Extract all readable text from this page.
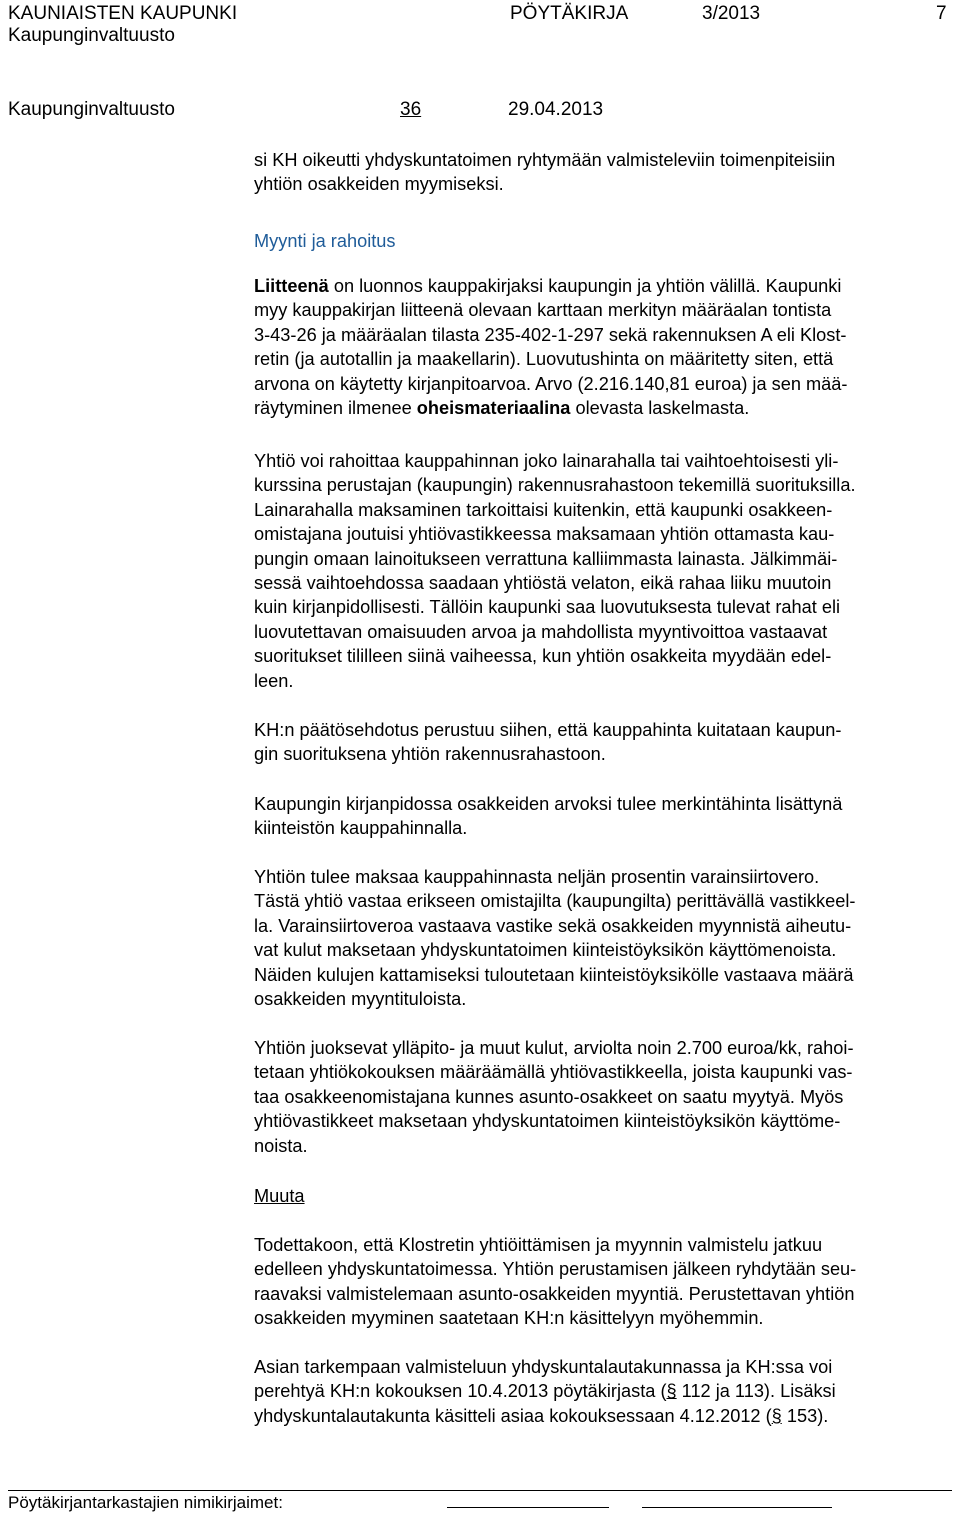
KAUNIAISTEN KAUPUNKI	PÖYTÄKIRJA	3/2013	7
Kaupunginvaltuusto
Kaupunginvaltuusto	36	29.04.2013
si KH oikeutti yhdyskuntatoimen ryhtymään valmisteleviin toimenpiteisiin
yhtiön osakkeiden myymiseksi.
Myynti ja rahoitus
Liitteenä on luonnos kauppakirjaksi kaupungin ja yhtiön välillä. Kaupunki
myy kauppakirjan liitteenä olevaan karttaan merkityn määräalan tontista
3-43-26 ja määräalan tilasta 235-402-1-297 sekä rakennuksen A eli Klost-
retin (ja autotallin ja maakellarin). Luovutushinta on määritetty siten, että
arvona on käytetty kirjanpitoarvoa. Arvo (2.216.140,81 euroa) ja sen mää-
räytyminen ilmenee oheismateriaalina olevasta laskelmasta.
Yhtiö voi rahoittaa kauppahinnan joko lainarahalla tai vaihtoehtoisesti yli-
kurssina perustajan (kaupungin) rakennusrahastoon tekemillä suorituksilla.
Lainarahalla maksaminen tarkoittaisi kuitenkin, että kaupunki osakkeen-
omistajana joutuisi yhtiövastikkeessa maksamaan yhtiön ottamasta kau-
pungin omaan lainoitukseen verrattuna kalliimmasta lainasta. Jälkimmäi-
sessä vaihtoehdossa saadaan yhtiöstä velaton, eikä rahaa liiku muutoin
kuin kirjanpidollisesti. Tällöin kaupunki saa luovutuksesta tulevat rahat eli
luovutettavan omaisuuden arvoa ja mahdollista myyntivoittoa vastaavat
suoritukset tililleen siinä vaiheessa, kun yhtiön osakkeita myydään edel-
leen.
KH:n päätösehdotus perustuu siihen, että kauppahinta kuitataan kaupun-
gin suorituksena yhtiön rakennusrahastoon.
Kaupungin kirjanpidossa osakkeiden arvoksi tulee merkintähinta lisättynä
kiinteistön kauppahinnalla.
Yhtiön tulee maksaa kauppahinnasta neljän prosentin varainsiirtovero.
Tästä yhtiö vastaa erikseen omistajilta (kaupungilta) perittävällä vastikkeel-
la. Varainsiirtoveroa vastaava vastike sekä osakkeiden myynnistä aiheutu-
vat kulut maksetaan yhdyskuntatoimen kiinteistöyksikön käyttömenoista.
Näiden kulujen kattamiseksi tuloutetaan kiinteistöyksikölle vastaava määrä
osakkeiden myyntituloista.
Yhtiön juoksevat ylläpito- ja muut kulut, arviolta noin 2.700 euroa/kk, rahoi-
tetaan yhtiökokouksen määräämällä yhtiövastikkeella, joista kaupunki vas-
taa osakkeenomistajana kunnes asunto-osakkeet on saatu myytyä. Myös
yhtiövastikkeet maksetaan yhdyskuntatoimen kiinteistöyksikön käyttöme-
noista.
Muuta
Todettakoon, että Klostretin yhtiöittämisen ja myynnin valmistelu jatkuu
edelleen yhdyskuntatoimessa. Yhtiön perustamisen jälkeen ryhdytään seu-
raavaksi valmistelemaan asunto-osakkeiden myyntiä. Perustettavan yhtiön
osakkeiden myyminen saatetaan KH:n käsittelyyn myöhemmin.
Asian tarkempaan valmisteluun yhdyskuntalautakunnassa ja KH:ssa voi
perehtyä KH:n kokouksen 10.4.2013 pöytäkirjasta (§ 112 ja 113). Lisäksi
yhdyskuntalautakunta käsitteli asiaa kokouksessaan 4.12.2012 (§ 153).
Pöytäkirjantarkastajien nimikirjaimet:
